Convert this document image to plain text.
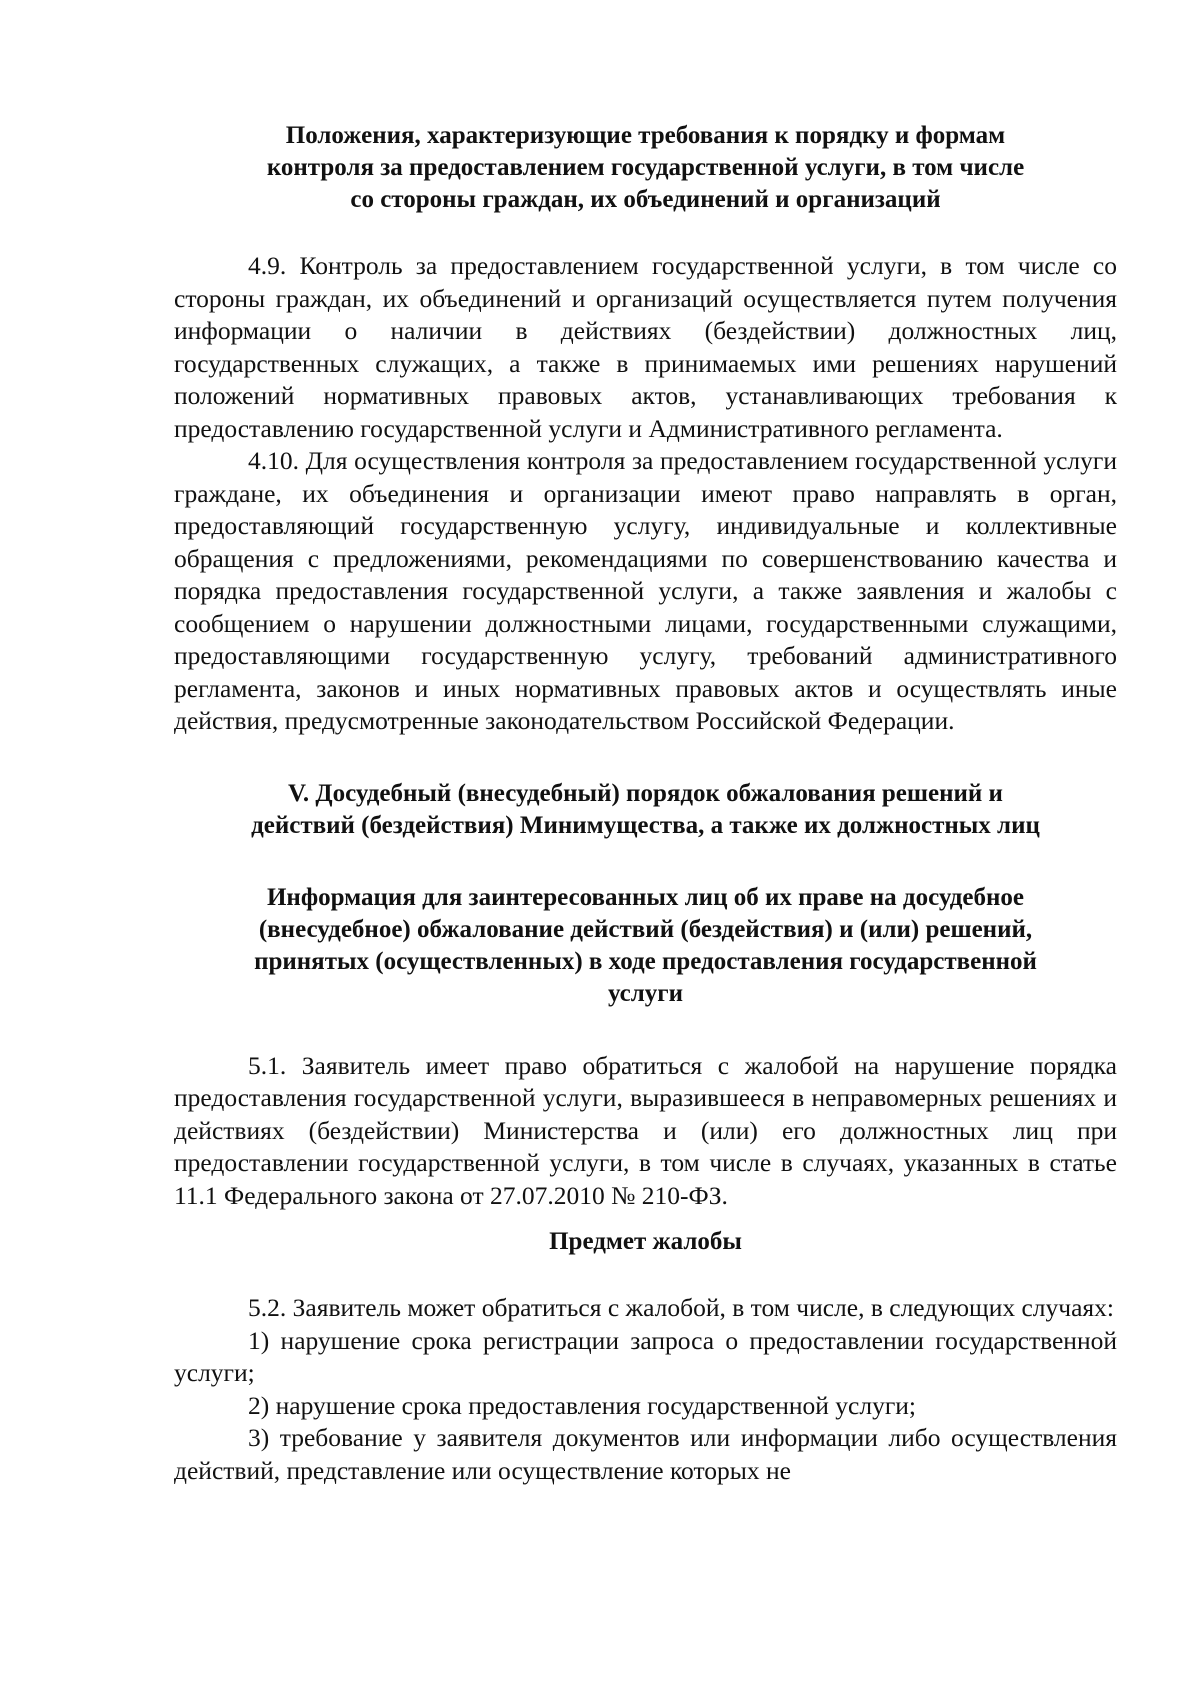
Положения, характеризующие требования к порядку и формам
контроля за предоставлением государственной услуги, в том числе
со стороны граждан, их объединений и организаций

4.9. Контроль за предоставлением государственной услуги, в том числе со стороны граждан, их объединений и организаций осуществляется путем получения информации о наличии в действиях (бездействии) должностных лиц, государственных служащих, а также в принимаемых ими решениях нарушений положений нормативных правовых актов, устанавливающих требования к предоставлению государственной услуги и Административного регламента.

4.10. Для осуществления контроля за предоставлением государственной услуги граждане, их объединения и организации имеют право направлять в орган, предоставляющий государственную услугу, индивидуальные и коллективные обращения с предложениями, рекомендациями по совершенствованию качества и порядка предоставления государственной услуги, а также заявления и жалобы с сообщением о нарушении должностными лицами, государственными служащими, предоставляющими государственную услугу, требований административного регламента, законов и иных нормативных правовых актов и осуществлять иные действия, предусмотренные законодательством Российской Федерации.

V. Досудебный (внесудебный) порядок обжалования решений и
действий (бездействия) Минимущества, а также их должностных лиц
Информация для заинтересованных лиц об их праве на досудебное
(внесудебное) обжалование действий (бездействия) и (или) решений,
принятых (осуществленных) в ходе предоставления государственной
услуги

5.1. Заявитель имеет право обратиться с жалобой на нарушение порядка предоставления государственной услуги, выразившееся в неправомерных решениях и действиях (бездействии) Министерства и (или) его должностных лиц при предоставлении государственной услуги, в том числе в случаях, указанных в статье 11.1 Федерального закона от 27.07.2010 № 210-ФЗ.

Предмет жалобы

5.2. Заявитель может обратиться с жалобой, в том числе, в следующих случаях:

1) нарушение срока регистрации запроса о предоставлении государственной услуги;

2) нарушение срока предоставления государственной услуги;

3) требование у заявителя документов или информации либо осуществления действий, представление или осуществление которых не
